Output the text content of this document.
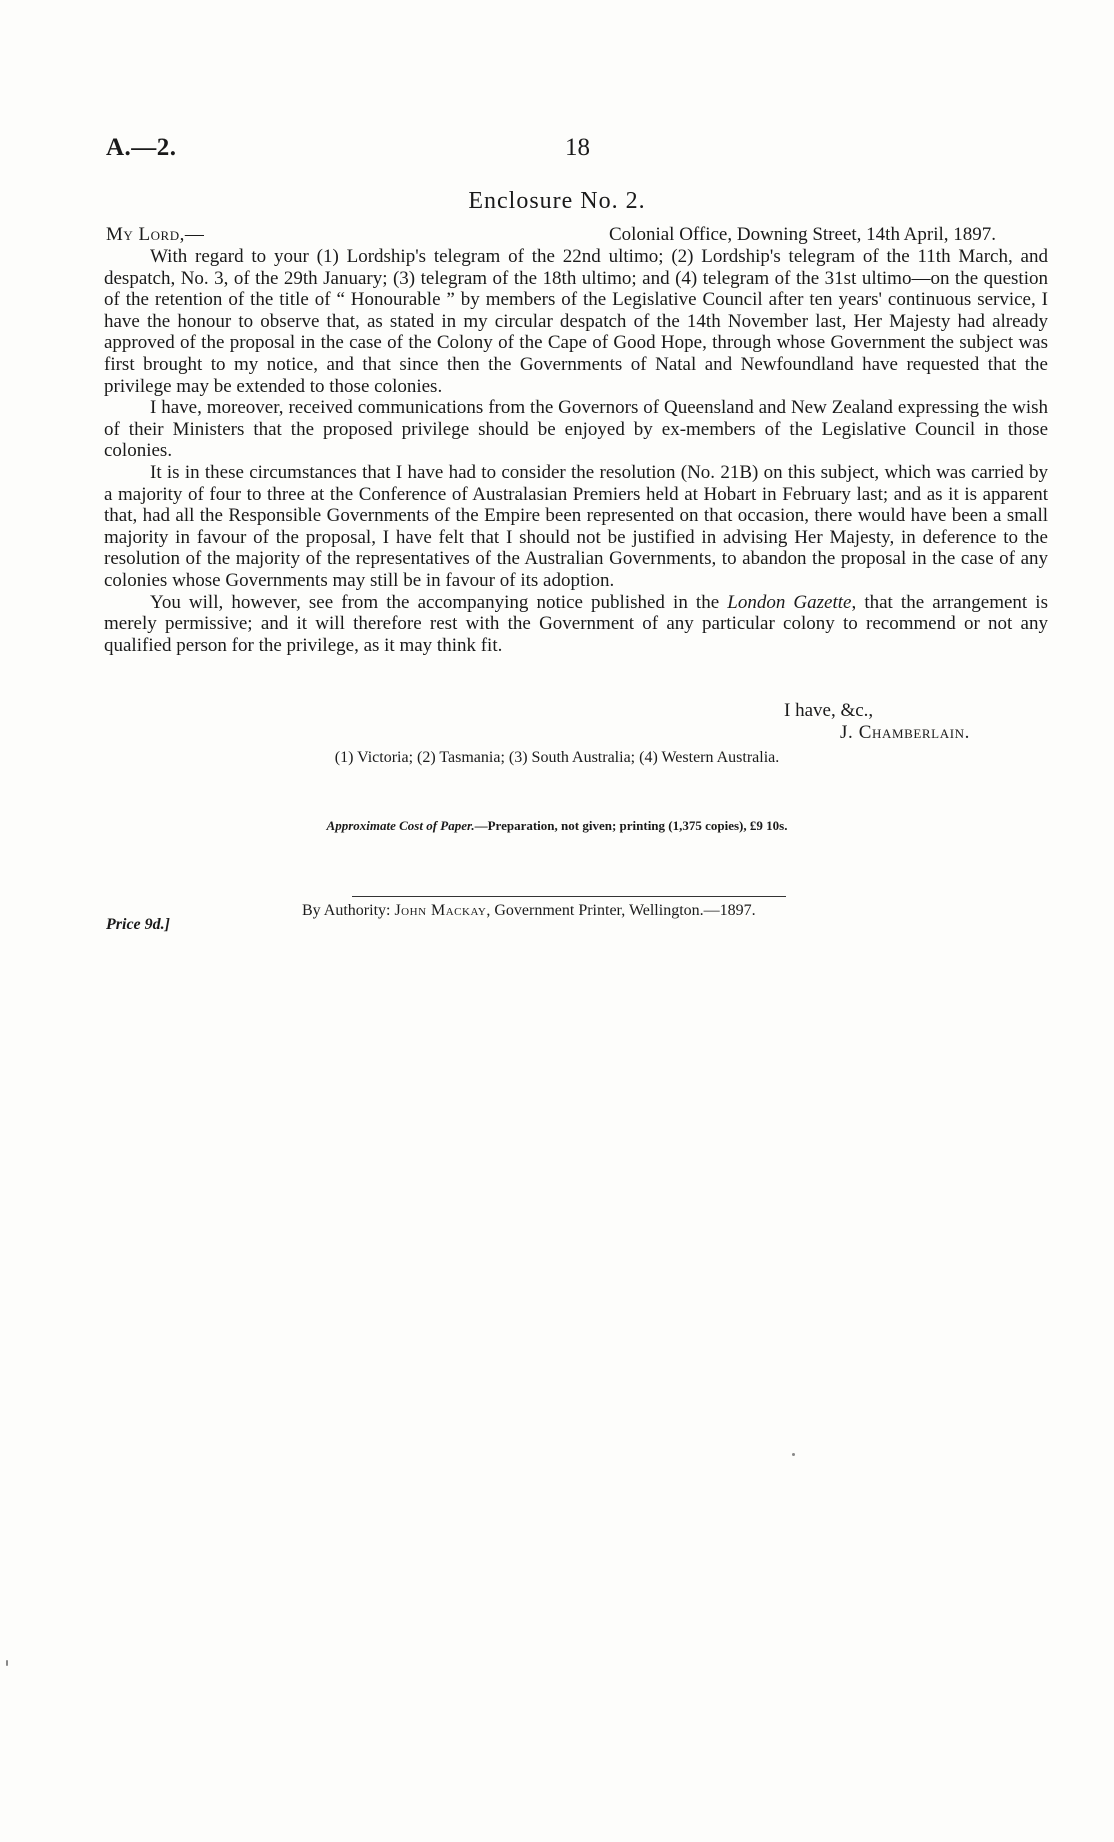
A.—2.	18
Enclosure No. 2.
My Lord,—	Colonial Office, Downing Street, 14th April, 1897.

With regard to your (1) Lordship's telegram of the 22nd ultimo; (2) Lordship's telegram of the 11th March, and despatch, No. 3, of the 29th January; (3) telegram of the 18th ultimo; and (4) telegram of the 31st ultimo—on the question of the retention of the title of “ Honourable ” by members of the Legislative Council after ten years' continuous service, I have the honour to observe that, as stated in my circular despatch of the 14th November last, Her Majesty had already approved of the proposal in the case of the Colony of the Cape of Good Hope, through whose Government the subject was first brought to my notice, and that since then the Governments of Natal and Newfoundland have requested that the privilege may be extended to those colonies.

I have, moreover, received communications from the Governors of Queensland and New Zealand expressing the wish of their Ministers that the proposed privilege should be enjoyed by ex-members of the Legislative Council in those colonies.

It is in these circumstances that I have had to consider the resolution (No. 21B) on this subject, which was carried by a majority of four to three at the Conference of Australasian Premiers held at Hobart in February last; and as it is apparent that, had all the Responsible Governments of the Empire been represented on that occasion, there would have been a small majority in favour of the proposal, I have felt that I should not be justified in advising Her Majesty, in deference to the resolution of the majority of the representatives of the Australian Governments, to abandon the proposal in the case of any colonies whose Governments may still be in favour of its adoption.

You will, however, see from the accompanying notice published in the London Gazette, that the arrangement is merely permissive; and it will therefore rest with the Government of any particular colony to recommend or not any qualified person for the privilege, as it may think fit.

I have, &c.,
J. Chamberlain.
(1) Victoria; (2) Tasmania; (3) South Australia; (4) Western Australia.
Approximate Cost of Paper.—Preparation, not given; printing (1,375 copies), £9 10s.
By Authority: John Mackay, Government Printer, Wellington.—1897.
Price 9d.]
